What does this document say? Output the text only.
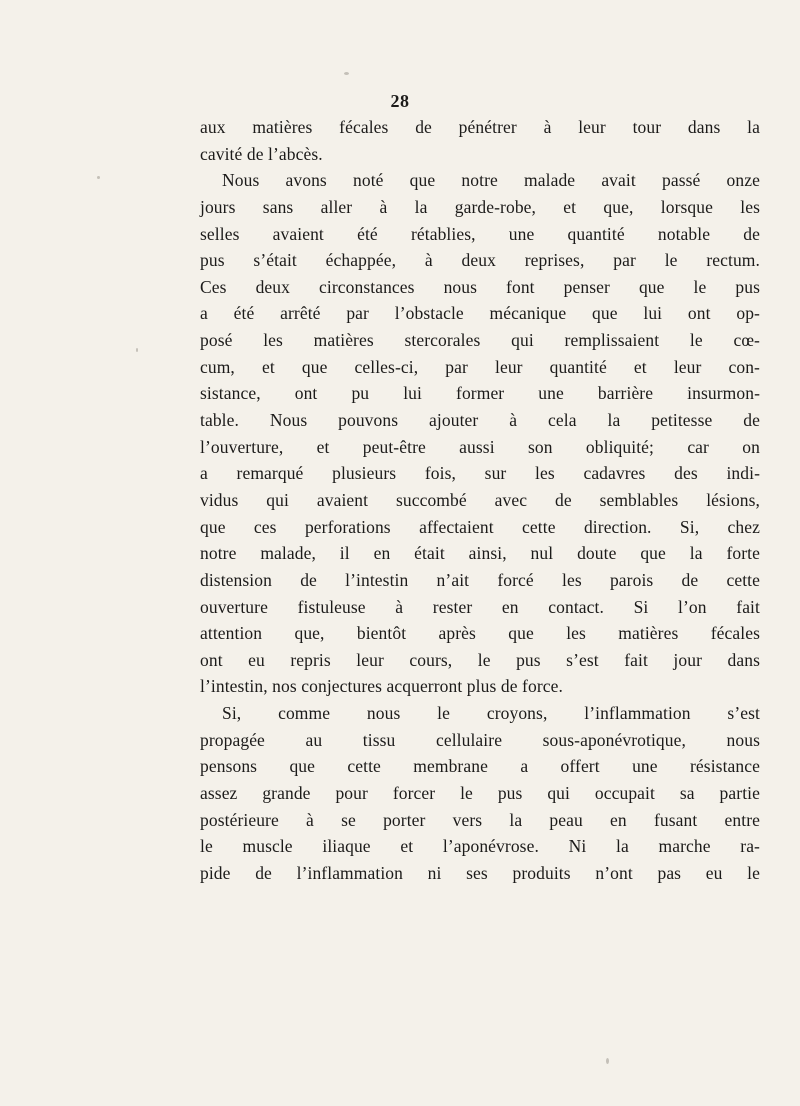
28
aux matières fécales de pénétrer à leur tour dans la
cavité de l’abcès.
Nous avons noté que notre malade avait passé onze
jours sans aller à la garde-robe, et que, lorsque les
selles avaient été rétablies, une quantité notable de
pus s’était échappée, à deux reprises, par le rectum.
Ces deux circonstances nous font penser que le pus
a été arrêté par l’obstacle mécanique que lui ont op-
posé les matières stercorales qui remplissaient le cœ-
cum, et que celles-ci, par leur quantité et leur con-
sistance, ont pu lui former une barrière insurmon-
table. Nous pouvons ajouter à cela la petitesse de
l’ouverture, et peut-être aussi son obliquité; car on
a remarqué plusieurs fois, sur les cadavres des indi-
vidus qui avaient succombé avec de semblables lésions,
que ces perforations affectaient cette direction. Si, chez
notre malade, il en était ainsi, nul doute que la forte
distension de l’intestin n’ait forcé les parois de cette
ouverture fistuleuse à rester en contact. Si l’on fait
attention que, bientôt après que les matières fécales
ont eu repris leur cours, le pus s’est fait jour dans
l’intestin, nos conjectures acquerront plus de force.
Si, comme nous le croyons, l’inflammation s’est
propagée au tissu cellulaire sous-aponévrotique, nous
pensons que cette membrane a offert une résistance
assez grande pour forcer le pus qui occupait sa partie
postérieure à se porter vers la peau en fusant entre
le muscle iliaque et l’aponévrose. Ni la marche ra-
pide de l’inflammation ni ses produits n’ont pas eu le
